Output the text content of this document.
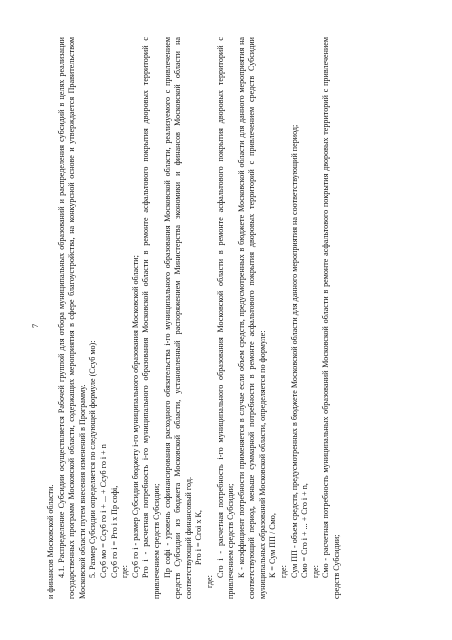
7

и финансов Московской области. 4.1. Распределение Субсидии осуществляется Рабочей группой для отбора муниципальных образований и распределения субсидий в целях реализации государственных программ Московской области, содержащих мероприятия в сфере благоустройства, на конкурсной основе и утверждается Правительством Московской области путем внесения изменений в Программу. 5. Размер Субсидии определяется по следующей формуле (Ссуб мо): Ссуб мо = Ссуб го i + ... + Ссуб го i + n Ссуб го i = Рго i х Пр софi, где: Ссуб го i - размер Субсидии бюджету i-го муниципального образования Московской области; Рго i - расчетная потребность i-го муниципального образования Московской области в ремонте асфальтового покрытия дворовых территорий с привлечением средств Субсидии; Пр софi - уровень софинансирования расходного обязательства i-го муниципального образования Московской области, реализуемого с привлечением средств Субсидии из бюджета Московской области, установленный распоряжением Министерства экономики и финансов Московской области на соответствующий финансовый год. Рго i = Сгоi х К,

где:

Сго i - расчетная потребность i-го муниципального образования Московской области в ремонте асфальтового покрытия дворовых территорий с привлечением средств Субсидии; К - коэффициент потребности применяется в случае если объем средств, предусмотренных в бюджете Московской области для данного мероприятия на соответствующий период, меньше суммарной потребности в ремонте асфальтового покрытия дворовых территорий с привлечением средств Субсидии муниципальных образований Московской области, определяется по формуле: К = Сум ПП / Смо, где: Сум ПП - объем средств, предусмотренных в бюджете Московской области для данного мероприятия на соответствующий период; Смо = Сго i + ... + Сго i + n, где: Смо - расчетная потребность муниципальных образований Московской области в ремонте асфальтового покрытия дворовых территорий с привлечением средств Субсидии;
